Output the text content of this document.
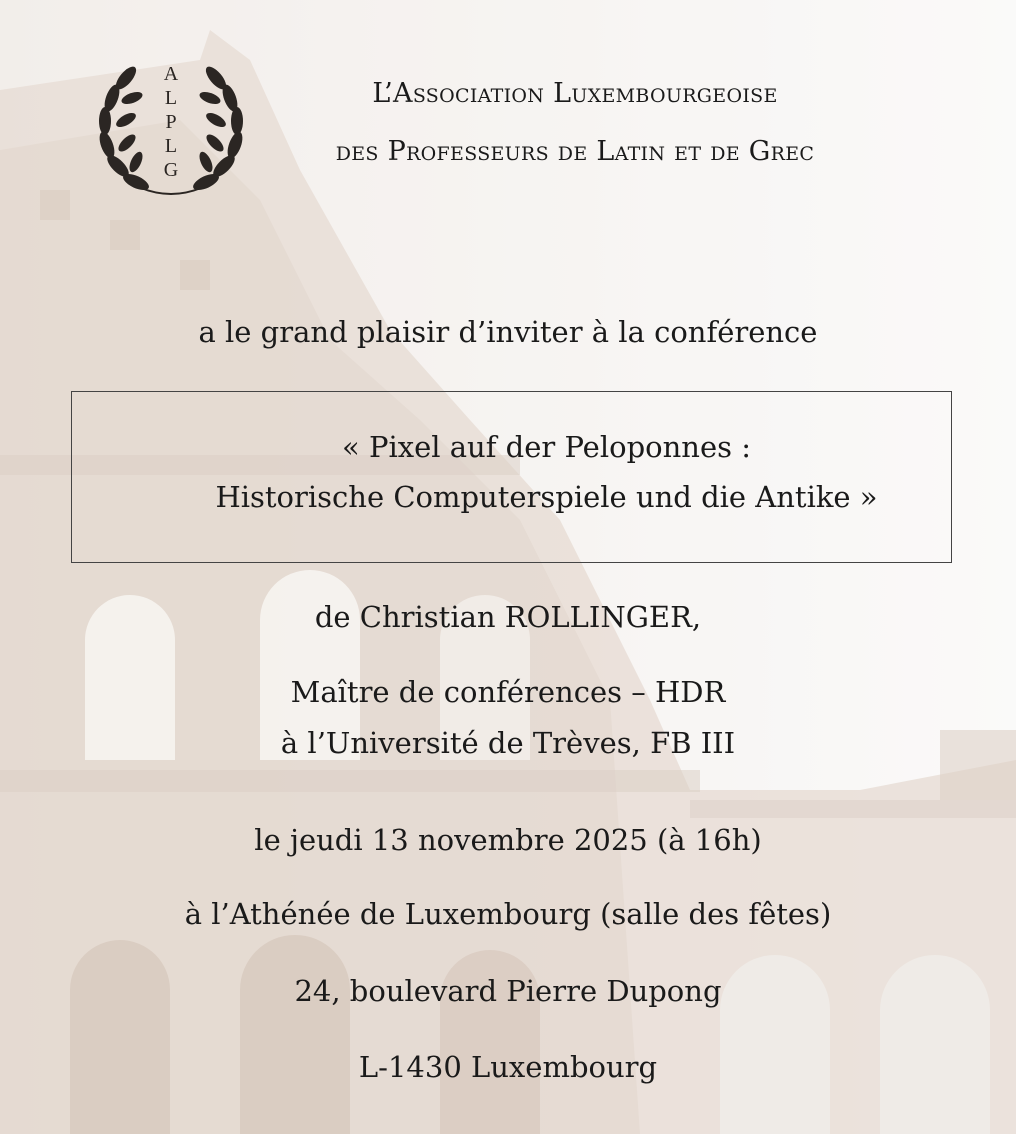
A
L
P
L
G
L’Association Luxembourgeoise
des Professeurs de Latin et de Grec
a le grand plaisir d’inviter à la conférence
« Pixel auf der Peloponnes :
Historische Computerspiele und die Antike »
de Christian ROLLINGER,
Maître de conférences – HDR
à l’Université de Trèves, FB III
le jeudi 13 novembre 2025 (à 16h)
à l’Athénée de Luxembourg (salle des fêtes)
24, boulevard Pierre Dupong
L-1430 Luxembourg
